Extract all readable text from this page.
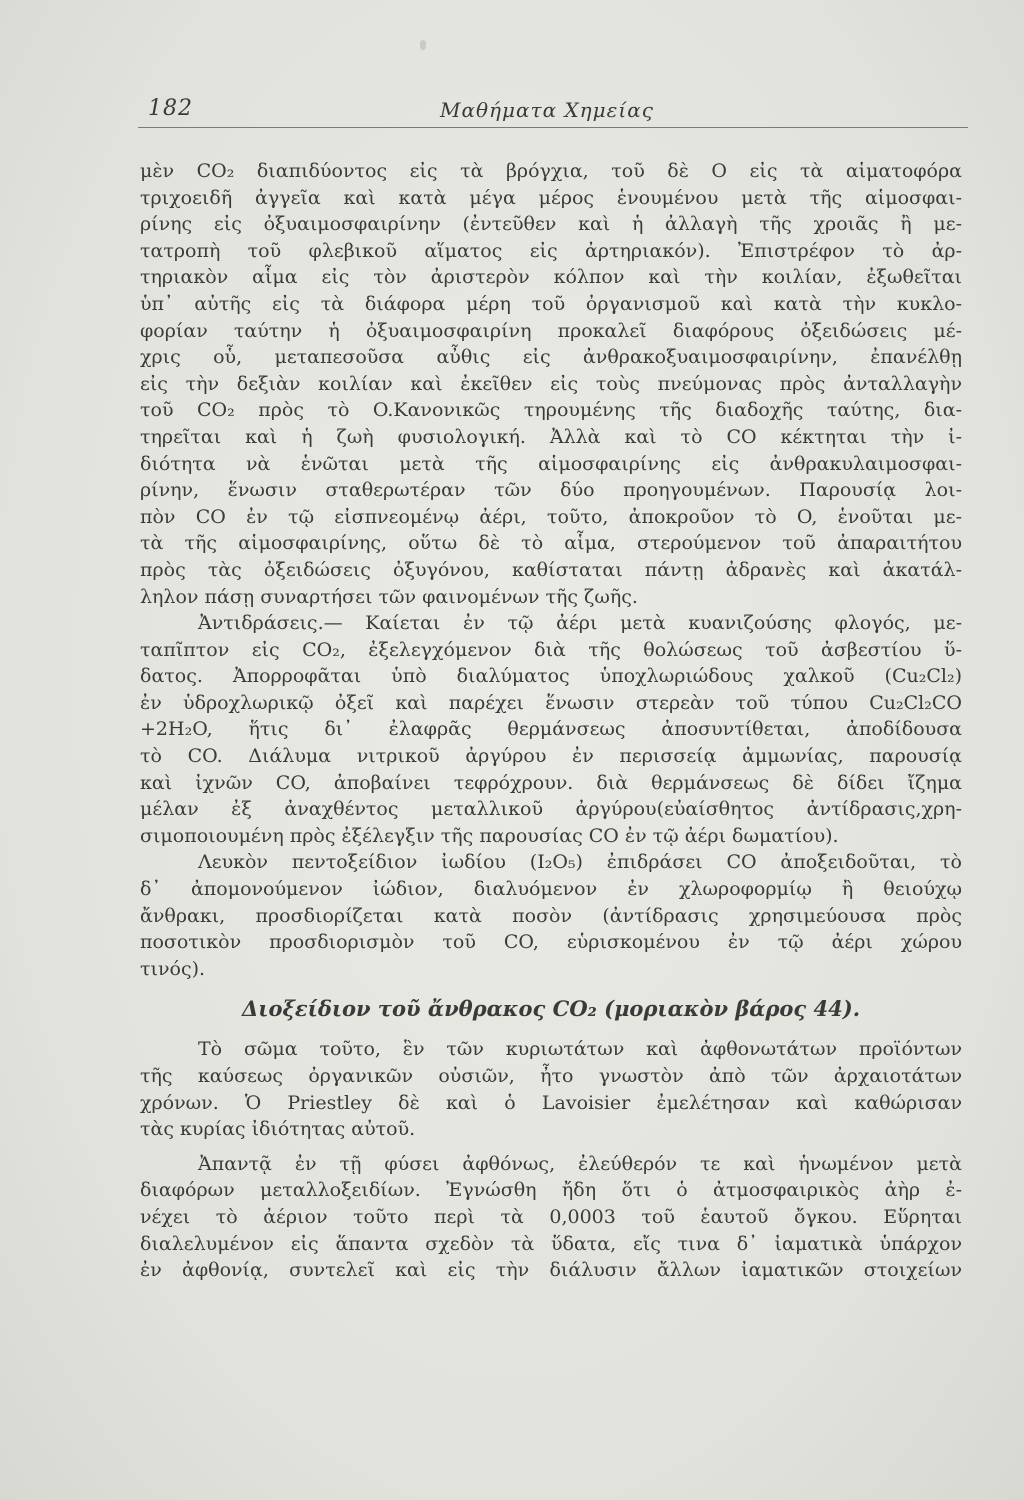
182	Μαθήματα Χημείας
μὲν CO₂ διαπιδύοντος εἰς τὰ βρόγχια, τοῦ δὲ O εἰς τὰ αἱματοφόρα
τριχοειδῆ ἀγγεῖα καὶ κατὰ μέγα μέρος ἑνουμένου μετὰ τῆς αἱμοσφαι-
ρίνης εἰς ὀξυαιμοσφαιρίνην (ἐντεῦθεν καὶ ἡ ἀλλαγὴ τῆς χροιᾶς ἢ με-
τατροπὴ τοῦ φλεβικοῦ αἵματος εἰς ἀρτηριακόν). Ἐπιστρέφον τὸ ἀρ-
τηριακὸν αἷμα εἰς τὸν ἀριστερὸν κόλπον καὶ τὴν κοιλίαν, ἐξωθεῖται
ὑπ᾿ αὐτῆς εἰς τὰ διάφορα μέρη τοῦ ὀργανισμοῦ καὶ κατὰ τὴν κυκλο-
φορίαν ταύτην ἡ ὀξυαιμοσφαιρίνη προκαλεῖ διαφόρους ὀξειδώσεις μέ-
χρις οὗ, μεταπεσοῦσα αὖθις εἰς ἀνθρακοξυαιμοσφαιρίνην, ἐπανέλθῃ
εἰς τὴν δεξιὰν κοιλίαν καὶ ἐκεῖθεν εἰς τοὺς πνεύμονας πρὸς ἀνταλλαγὴν
τοῦ CO₂ πρὸς τὸ O.Κανονικῶς τηρουμένης τῆς διαδοχῆς ταύτης, δια-
τηρεῖται καὶ ἡ ζωὴ φυσιολογική. Ἀλλὰ καὶ τὸ CO κέκτηται τὴν ἰ-
διότητα νὰ ἑνῶται μετὰ τῆς αἱμοσφαιρίνης εἰς ἀνθρακυλαιμοσφαι-
ρίνην, ἕνωσιν σταθερωτέραν τῶν δύο προηγουμένων. Παρουσίᾳ λοι-
πὸν CO ἐν τῷ εἰσπνεομένῳ ἀέρι, τοῦτο, ἀποκροῦον τὸ O, ἑνοῦται με-
τὰ τῆς αἱμοσφαιρίνης, οὕτω δὲ τὸ αἷμα, στερούμενον τοῦ ἀπαραιτήτου
πρὸς τὰς ὀξειδώσεις ὀξυγόνου, καθίσταται πάντῃ ἀδρανὲς καὶ ἀκατάλ-
ληλον πάσῃ συναρτήσει τῶν φαινομένων τῆς ζωῆς.
Ἀντιδράσεις.— Καίεται ἐν τῷ ἀέρι μετὰ κυανιζούσης φλογός, με-
ταπῖπτον εἰς CO₂, ἐξελεγχόμενον διὰ τῆς θολώσεως τοῦ ἀσβεστίου ὕ-
δατος. Ἀπορροφᾶται ὑπὸ διαλύματος ὑποχλωριώδους χαλκοῦ (Cu₂Cl₂)
ἐν ὑδροχλωρικῷ ὀξεῖ καὶ παρέχει ἕνωσιν στερεὰν τοῦ τύπου Cu₂Cl₂CO
+2H₂O, ἥτις δι᾿ ἐλαφρᾶς θερμάνσεως ἀποσυντίθεται, ἀποδίδουσα
τὸ CO. Διάλυμα νιτρικοῦ ἀργύρου ἐν περισσείᾳ ἀμμωνίας, παρουσίᾳ
καὶ ἰχνῶν CO, ἀποβαίνει τεφρόχρουν. διὰ θερμάνσεως δὲ δίδει ἴζημα
μέλαν ἐξ ἀναχθέντος μεταλλικοῦ ἀργύρου(εὐαίσθητος ἀντίδρασις,χρη-
σιμοποιουμένη πρὸς ἐξέλεγξιν τῆς παρουσίας CO ἐν τῷ ἀέρι δωματίου).
Λευκὸν πεντοξείδιον ἰωδίου (I₂O₅) ἐπιδράσει CO ἀποξειδοῦται, τὸ
δ᾿ ἀπομονούμενον ἰώδιον, διαλυόμενον ἐν χλωροφορμίῳ ἢ θειούχῳ
ἄνθρακι, προσδιορίζεται κατὰ ποσὸν (ἀντίδρασις χρησιμεύουσα πρὸς
ποσοτικὸν προσδιορισμὸν τοῦ CO, εὑρισκομένου ἐν τῷ ἀέρι χώρου
τινός).
Διοξείδιον τοῦ ἄνθρακος CO₂ (μοριακὸν βάρος 44).
Τὸ σῶμα τοῦτο, ἓν τῶν κυριωτάτων καὶ ἀφθονωτάτων προϊόντων
τῆς καύσεως ὀργανικῶν οὐσιῶν, ἦτο γνωστὸν ἀπὸ τῶν ἀρχαιοτάτων
χρόνων. Ὁ Priestley δὲ καὶ ὁ Lavoisier ἐμελέτησαν καὶ καθώρισαν
τὰς κυρίας ἰδιότητας αὐτοῦ.
Ἀπαντᾷ ἐν τῇ φύσει ἀφθόνως, ἐλεύθερόν τε καὶ ἡνωμένον μετὰ
διαφόρων μεταλλοξειδίων. Ἐγνώσθη ἤδη ὅτι ὁ ἀτμοσφαιρικὸς ἀὴρ ἐ-
νέχει τὸ ἀέριον τοῦτο περὶ τὰ 0,0003 τοῦ ἑαυτοῦ ὄγκου. Εὕρηται
διαλελυμένον εἰς ἅπαντα σχεδὸν τὰ ὕδατα, εἴς τινα δ᾿ ἰαματικὰ ὑπάρχον
ἐν ἀφθονίᾳ, συντελεῖ καὶ εἰς τὴν διάλυσιν ἄλλων ἰαματικῶν στοιχείων
